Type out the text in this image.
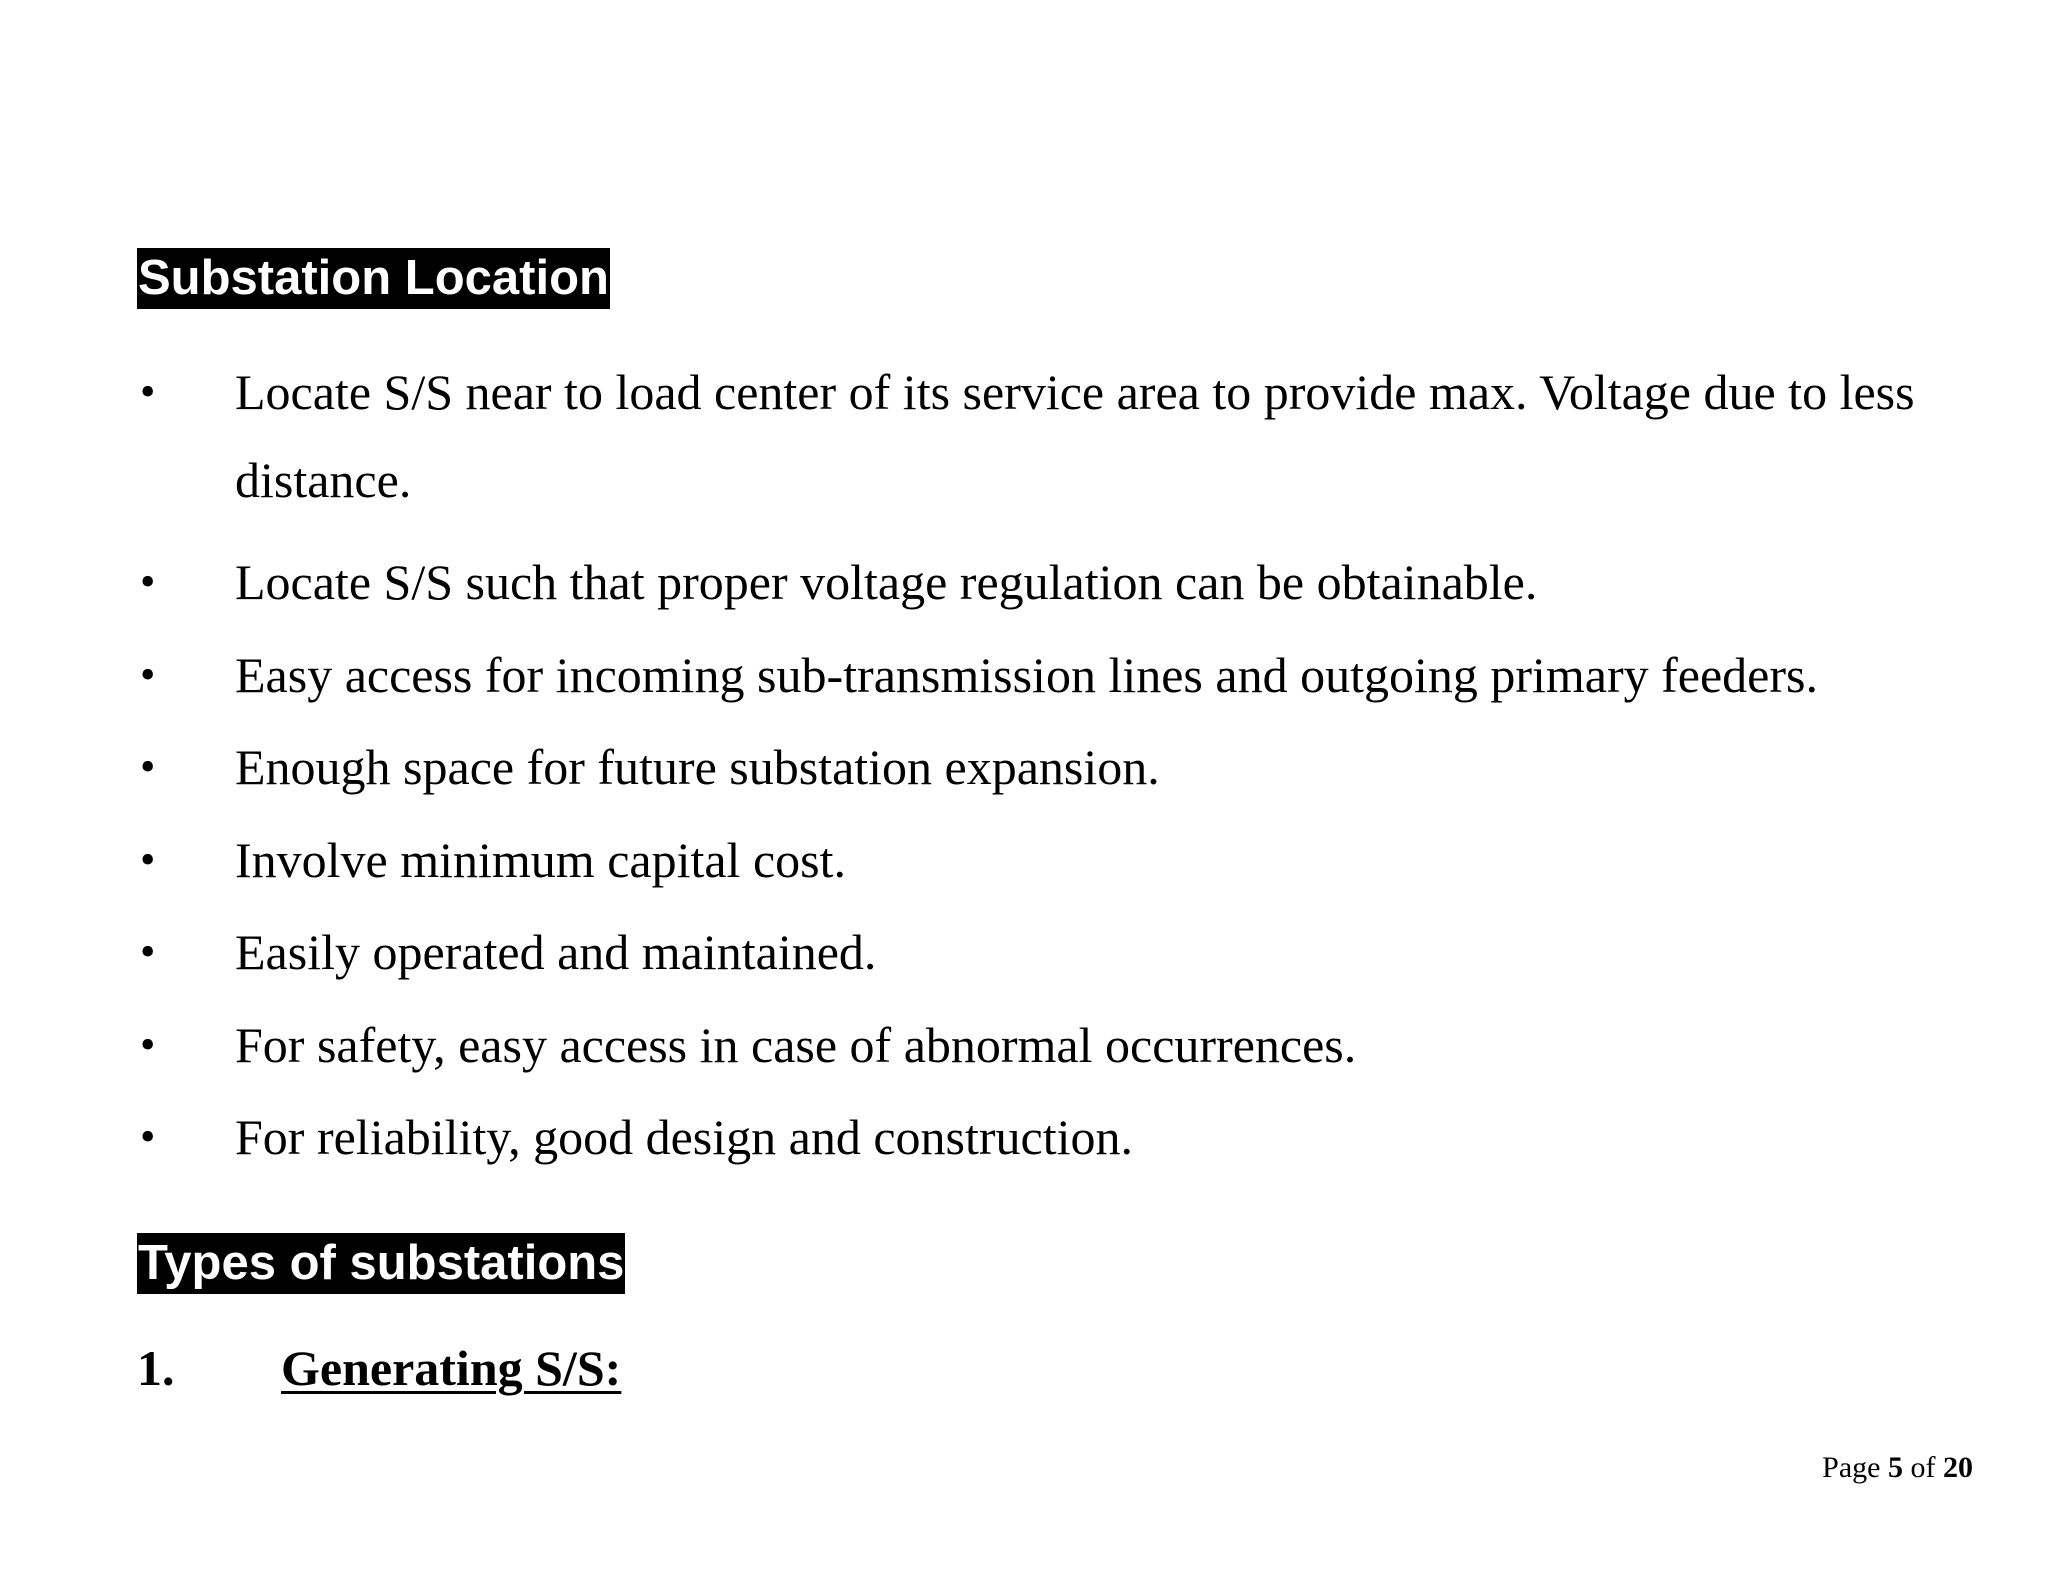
Substation Location
• Locate S/S near to load center of its service area to provide max. Voltage due to less distance.
• Locate S/S such that proper voltage regulation can be obtainable.
• Easy access for incoming sub-transmission lines and outgoing primary feeders.
• Enough space for future substation expansion.
• Involve minimum capital cost.
• Easily operated and maintained.
• For safety, easy access in case of abnormal occurrences.
• For reliability, good design and construction.
Types of substations
1. Generating S/S:
Page 5 of 20
